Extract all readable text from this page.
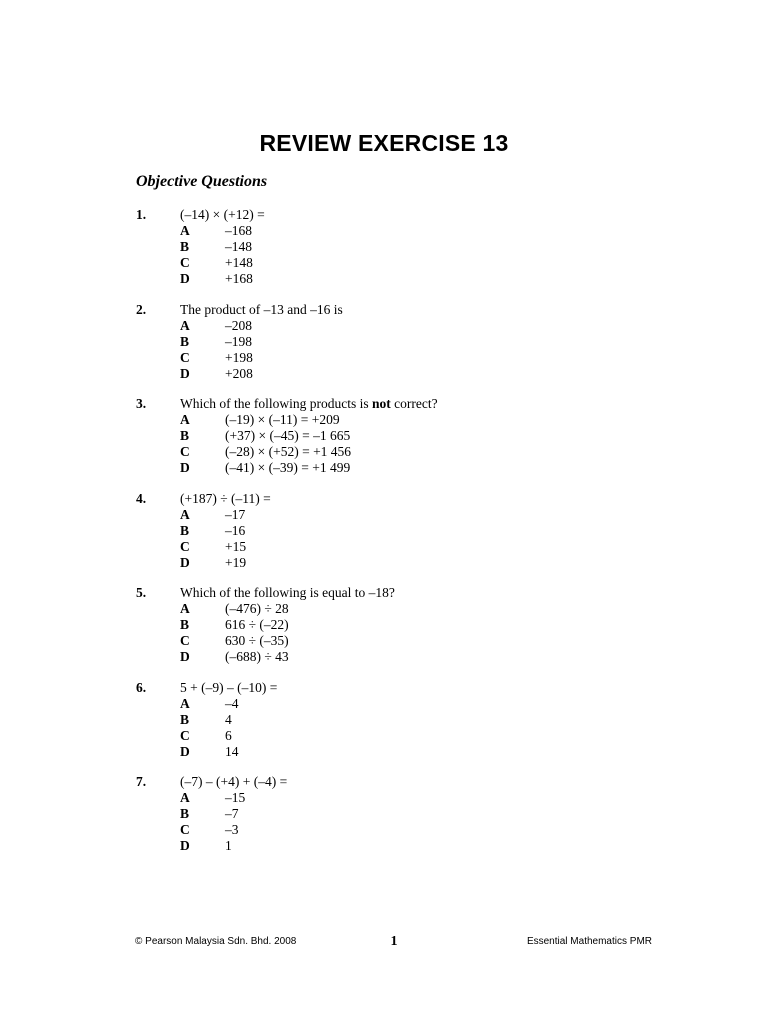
REVIEW EXERCISE 13
Objective Questions
1.	(–14) × (+12) =
A	–168
B	–148
C	+148
D	+168
2.	The product of –13 and –16 is
A	–208
B	–198
C	+198
D	+208
3.	Which of the following products is not correct?
A	(–19) × (–11) = +209
B	(+37) × (–45) = –1 665
C	(–28) × (+52) = +1 456
D	(–41) × (–39) = +1 499
4.	(+187) ÷ (–11) =
A	–17
B	–16
C	+15
D	+19
5.	Which of the following is equal to –18?
A	(–476) ÷ 28
B	616 ÷ (–22)
C	630 ÷ (–35)
D	(–688) ÷ 43
6.	5 + (–9) – (–10) =
A	–4
B	4
C	6
D	14
7.	(–7) – (+4) + (–4) =
A	–15
B	–7
C	–3
D	1
© Pearson Malaysia Sdn. Bhd. 2008	1	Essential Mathematics PMR
